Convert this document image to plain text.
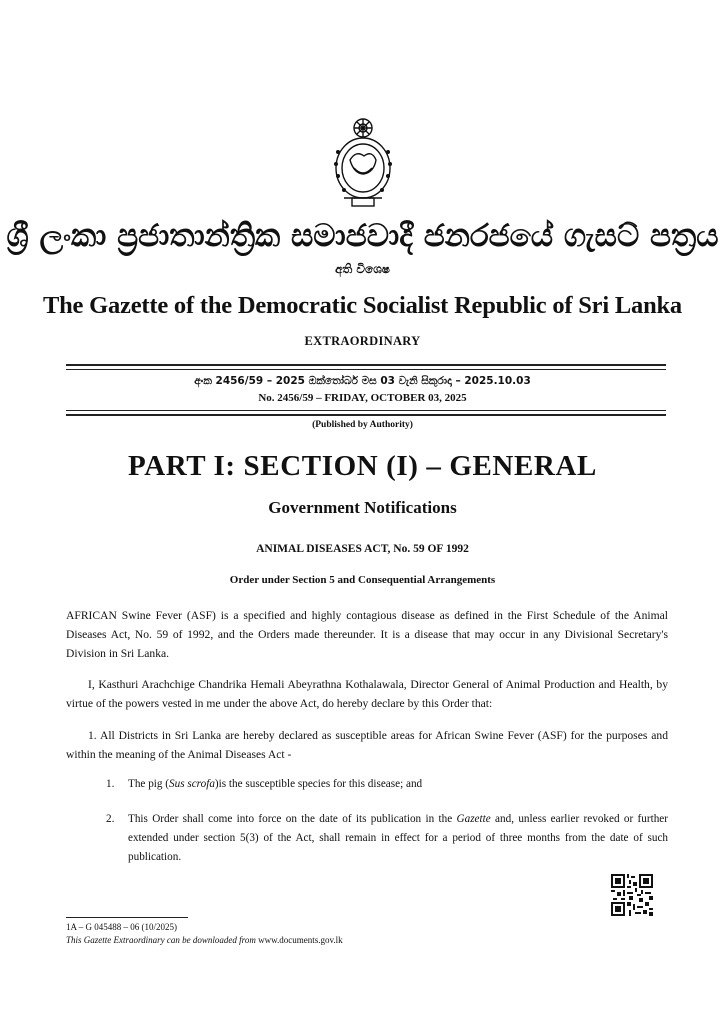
ශ්‍රී ලංකා ප්‍රජාතාන්ත්‍රික සමාජවාදී ජනරජයේ ගැසට් පත්‍රය
අති විශෙෂ
The Gazette of the Democratic Socialist Republic of Sri Lanka
EXTRAORDINARY
අංක 2456/59 – 2025 ඔක්තෝබර් මස 03 වැනි සිකුරාදා – 2025.10.03
No. 2456/59 – FRIDAY, OCTOBER 03, 2025
(Published by Authority)
PART I: SECTION (I) – GENERAL
Government Notifications
ANIMAL DISEASES ACT, No. 59 OF 1992
Order under Section 5 and Consequential Arrangements
AFRICAN Swine Fever (ASF) is a specified and highly contagious disease as defined in the First Schedule of the Animal Diseases Act, No. 59 of 1992, and the Orders made thereunder. It is a disease that may occur in any Divisional Secretary's Division in Sri Lanka.
I, Kasthuri Arachchige Chandrika Hemali Abeyrathna Kothalawala, Director General of Animal Production and Health, by virtue of the powers vested in me under the above Act, do hereby declare by this Order that:
1. All Districts in Sri Lanka are hereby declared as susceptible areas for African Swine Fever (ASF) for the purposes and within the meaning of the Animal Diseases Act -
1. The pig (Sus scrofa)is the susceptible species for this disease; and
2. This Order shall come into force on the date of its publication in the Gazette and, unless earlier revoked or further extended under section 5(3) of the Act, shall remain in effect for a period of three months from the date of such publication.
1A – G 045488 – 06 (10/2025)
This Gazette Extraordinary can be downloaded from www.documents.gov.lk
